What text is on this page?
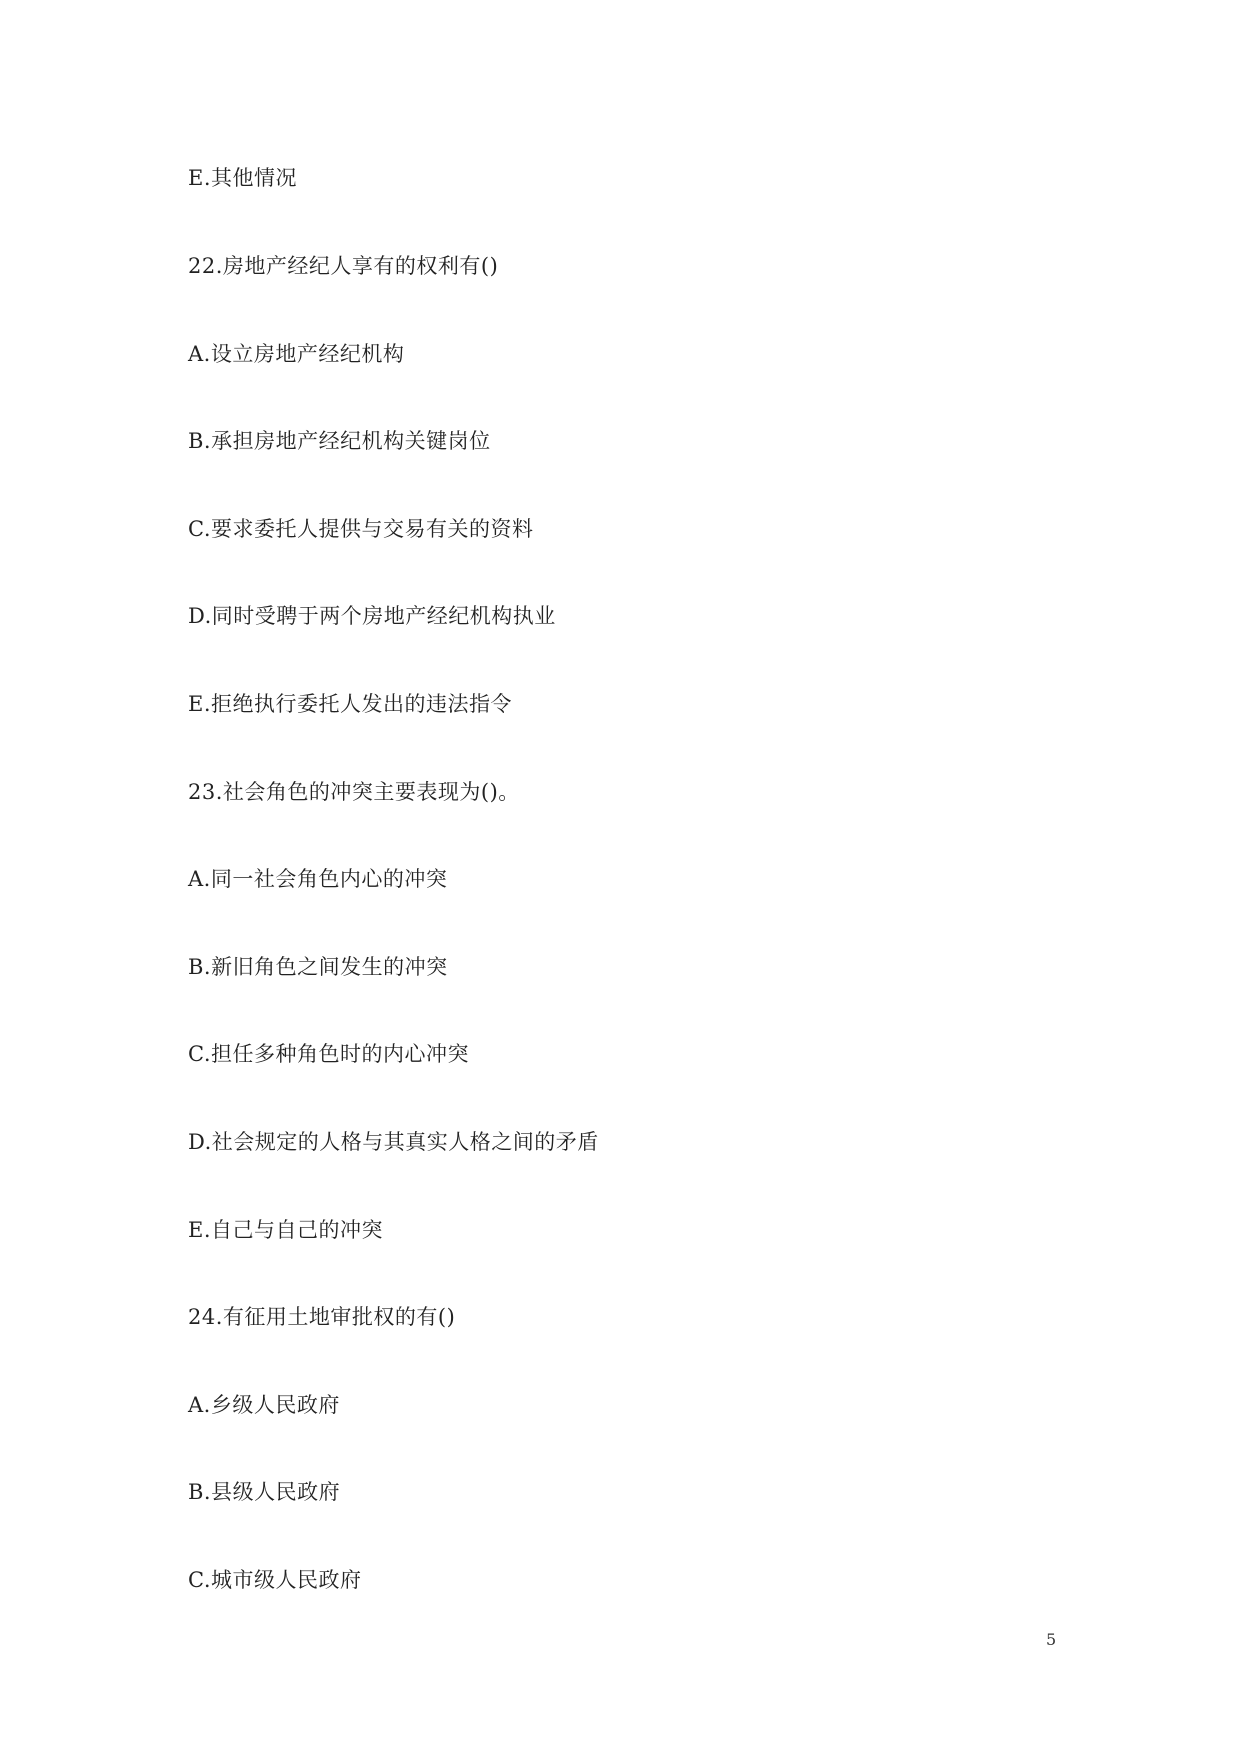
E.其他情况
22.房地产经纪人享有的权利有()
A.设立房地产经纪机构
B.承担房地产经纪机构关键岗位
C.要求委托人提供与交易有关的资料
D.同时受聘于两个房地产经纪机构执业
E.拒绝执行委托人发出的违法指令
23.社会角色的冲突主要表现为()。
A.同一社会角色内心的冲突
B.新旧角色之间发生的冲突
C.担任多种角色时的内心冲突
D.社会规定的人格与其真实人格之间的矛盾
E.自己与自己的冲突
24.有征用土地审批权的有()
A.乡级人民政府
B.县级人民政府
C.城市级人民政府
5
